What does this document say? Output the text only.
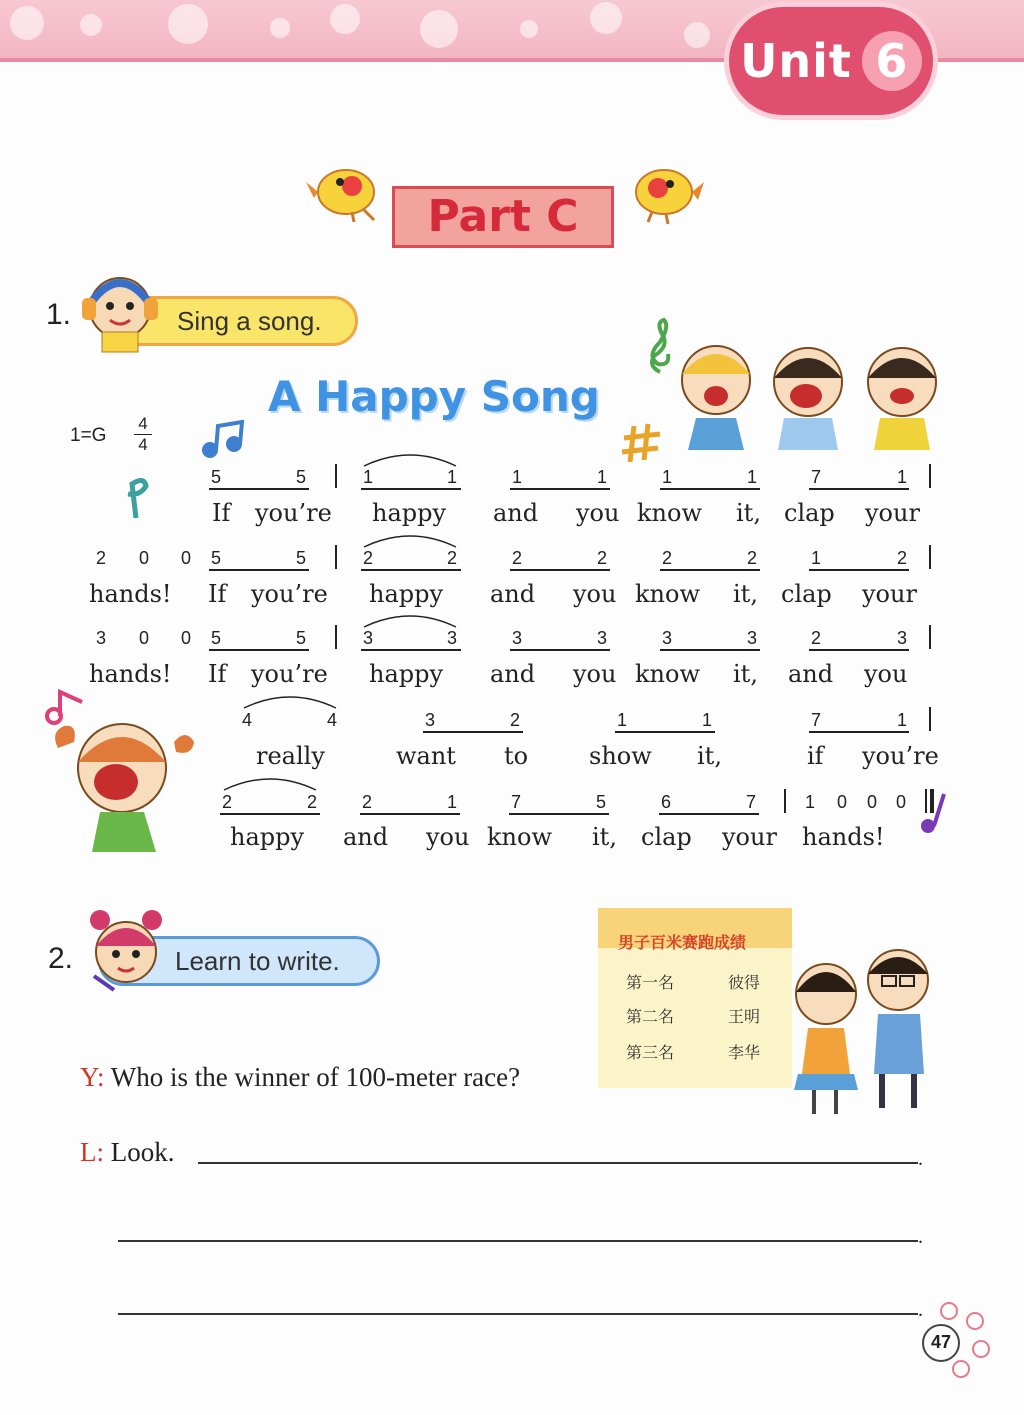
Unit 6
Part C
1.	Sing a song.
A Happy Song
1=G
4
4
5	5	1	1	1	1	1	1	7	1
If you’re happy and you know it, clap your
2 0 0 5	5	2	2	2	2	2	2	1	2
hands! If you’re happy and you know it, clap your
3 0 0 5	5	3	3	3	3	3	3	2	3
hands! If you’re happy and you know it, and you
4	4	3	2	1	1	7	1
really	want to	show it,	if you’re
2	2 2	1	7	5	6	7	1 0 0 0
happy and you know it, clap your hands!
2.	Learn to write.
男子百米赛跑成绩
第一名	彼得
第二名	王明
第三名	李华
Y: Who is the winner of 100-meter race?
L: Look.	.
.
.
47
